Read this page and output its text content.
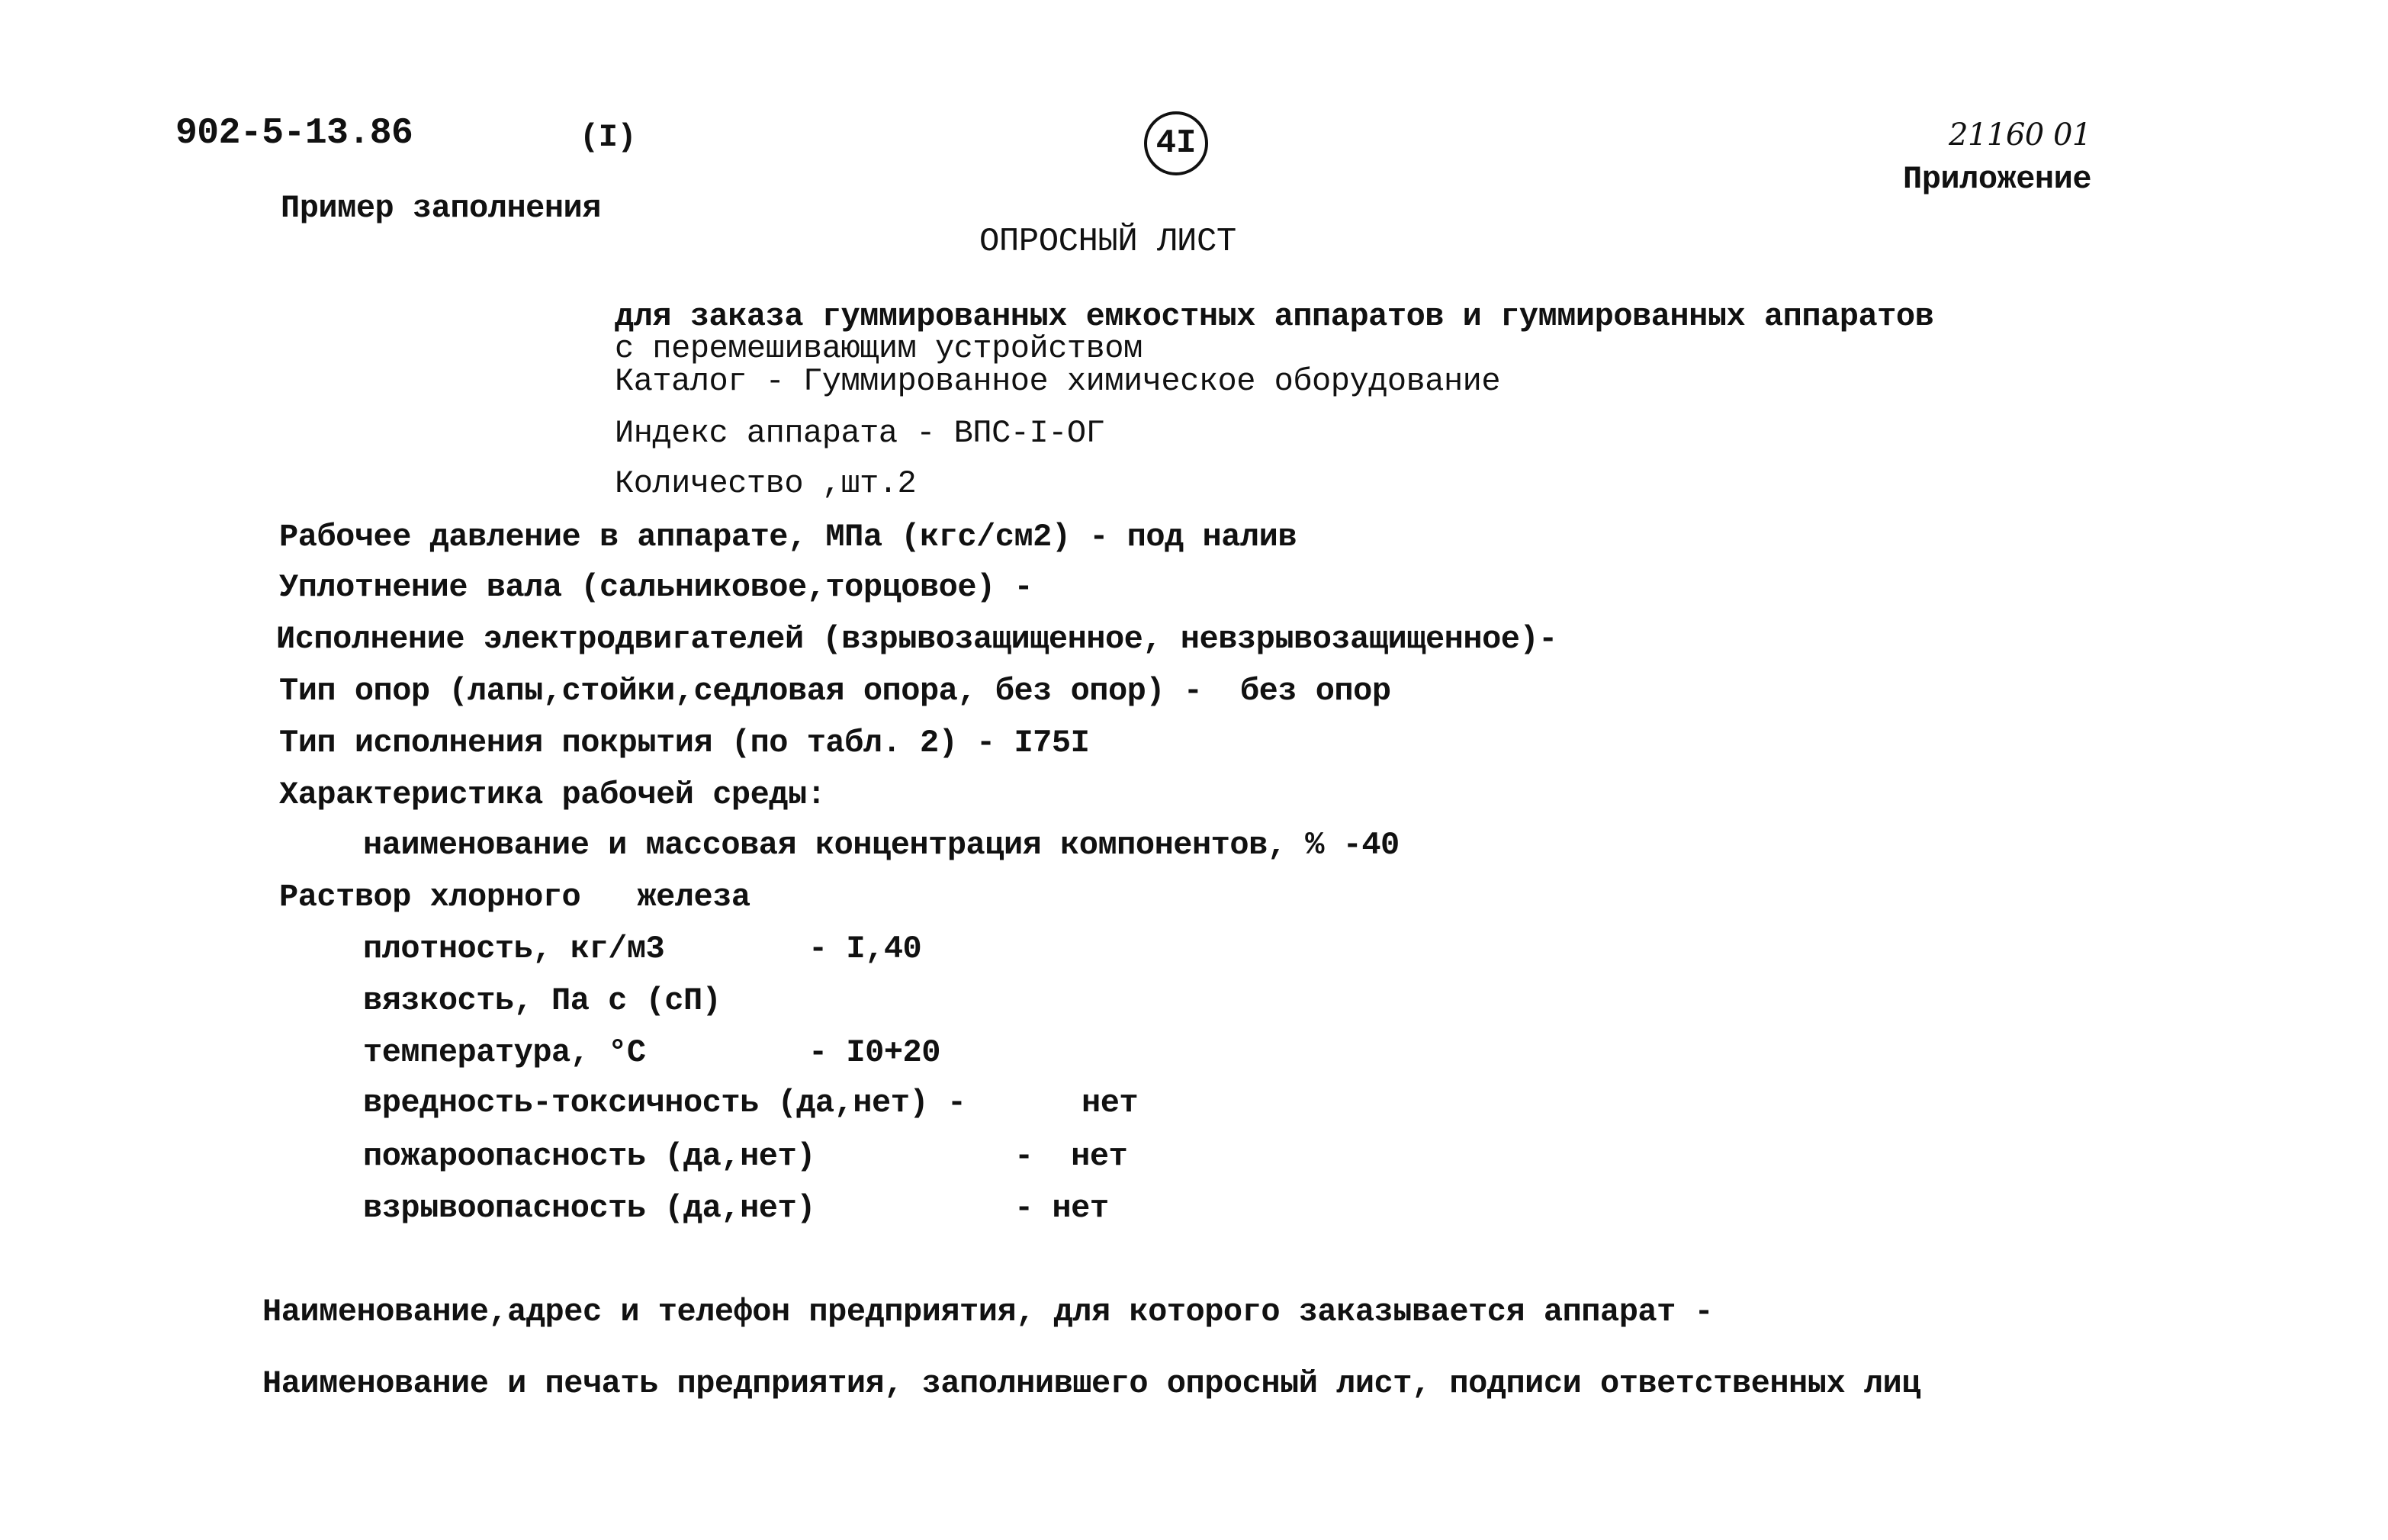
902-5-13.86	(I)	4I	21160 01
Приложение
Пример заполнения
ОПРОСНЫЙ ЛИСТ
для заказа гуммированных емкостных аппаратов и гуммированных аппаратов
с перемешивающим устройством
Каталог - Гуммированное химическое оборудование
Индекс аппарата - ВПС-I-ОГ
Количество ,шт.2
Рабочее давление в аппарате, МПа (кгс/см2) - под налив
Уплотнение вала (сальниковое,торцовое) -
Исполнение электродвигателей (взрывозащищенное, невзрывозащищенное)-
Тип опор (лапы,стойки,седловая опора, без опор) -  без опор
Тип исполнения покрытия (по табл. 2) - I75I
Характеристика рабочей среды:
наименование и массовая концентрация компонентов, % -40
Раствор хлорного   железа
плотность, кг/м3	- I,40
вязкость, Па с (сП)
температура, °С	- I0+20
вредность-токсичность (да,нет) -	нет
пожароопасность (да,нет)	-  нет
взрывоопасность (да,нет)	- нет
Наименование,адрес и телефон предприятия, для которого заказывается аппарат -
Наименование и печать предприятия, заполнившего опросный лист, подписи ответственных лиц
